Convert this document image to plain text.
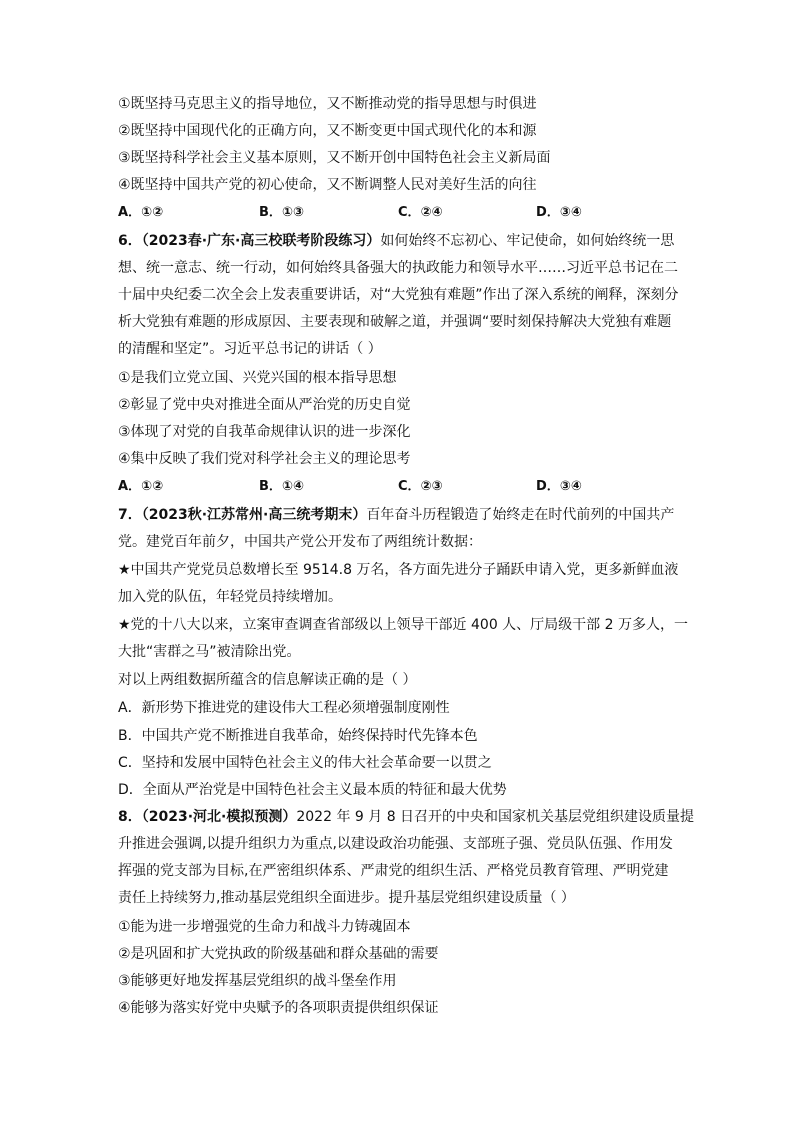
①既坚持马克思主义的指导地位，又不断推动党的指导思想与时俱进
②既坚持中国现代化的正确方向，又不断变更中国式现代化的本和源
③既坚持科学社会主义基本原则，又不断开创中国特色社会主义新局面
④既坚持中国共产党的初心使命，又不断调整人民对美好生活的向往
A．①②	B．①③	C．②④	D．③④
6．（2023春·广东·高三校联考阶段练习）如何始终不忘初心、牢记使命，如何始终统一思
想、统一意志、统一行动，如何始终具备强大的执政能力和领导水平……习近平总书记在二
十届中央纪委二次全会上发表重要讲话，对“大党独有难题”作出了深入系统的阐释，深刻分
析大党独有难题的形成原因、主要表现和破解之道，并强调“要时刻保持解决大党独有难题
的清醒和坚定”。习近平总书记的讲话（ ）
①是我们立党立国、兴党兴国的根本指导思想
②彰显了党中央对推进全面从严治党的历史自觉
③体现了对党的自我革命规律认识的进一步深化
④集中反映了我们党对科学社会主义的理论思考
A．①②	B．①④	C．②③	D．③④
7．（2023秋·江苏常州·高三统考期末）百年奋斗历程锻造了始终走在时代前列的中国共产
党。建党百年前夕，中国共产党公开发布了两组统计数据：
★中国共产党党员总数增长至 9514.8 万名，各方面先进分子踊跃申请入党，更多新鲜血液
加入党的队伍，年轻党员持续增加。
★党的十八大以来，立案审查调查省部级以上领导干部近 400 人、厅局级干部 2 万多人，一
大批“害群之马”被清除出党。
对以上两组数据所蕴含的信息解读正确的是（ ）
A．新形势下推进党的建设伟大工程必须增强制度刚性
B．中国共产党不断推进自我革命，始终保持时代先锋本色
C．坚持和发展中国特色社会主义的伟大社会革命要一以贯之
D．全面从严治党是中国特色社会主义最本质的特征和最大优势
8．（2023·河北·模拟预测）2022 年 9 月 8 日召开的中央和国家机关基层党组织建设质量提
升推进会强调,以提升组织力为重点,以建设政治功能强、支部班子强、党员队伍强、作用发
挥强的党支部为目标,在严密组织体系、严肃党的组织生活、严格党员教育管理、严明党建
责任上持续努力,推动基层党组织全面进步。提升基层党组织建设质量（ ）
①能为进一步增强党的生命力和战斗力铸魂固本
②是巩固和扩大党执政的阶级基础和群众基础的需要
③能够更好地发挥基层党组织的战斗堡垒作用
④能够为落实好党中央赋予的各项职责提供组织保证
